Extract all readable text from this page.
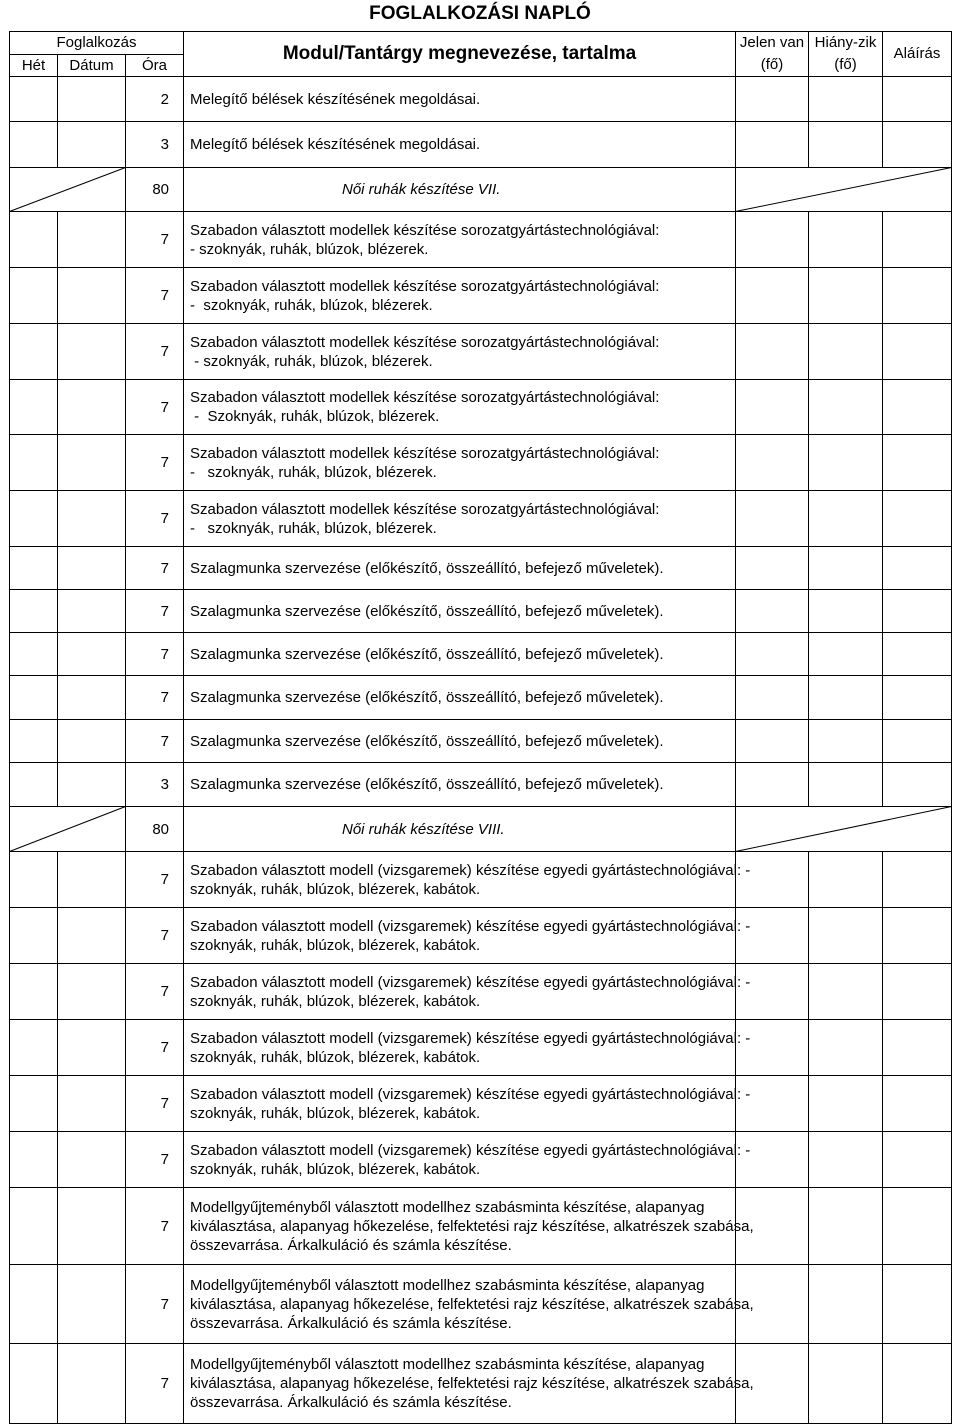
FOGLALKOZÁSI NAPLÓ
Foglalkozás			Modul/Tantárgy megnevezése, tartalma	Jelen van	Hiány-zik	Aláírás
Hét	Dátum	Óra		(fő)	(fő)	
		2	Melegítő bélések készítésének megoldásai.			

		3	Melegítő bélések készítésének megoldásai.			

		80	Női ruhák készítése VII.			

		7	Szabadon választott modellek készítése sorozatgyártástechnológiával:
- szoknyák, ruhák, blúzok, blézerek.			

		7	Szabadon választott modellek készítése sorozatgyártástechnológiával:
-  szoknyák, ruhák, blúzok, blézerek.			

		7	Szabadon választott modellek készítése sorozatgyártástechnológiával:
- szoknyák, ruhák, blúzok, blézerek.			

		7	Szabadon választott modellek készítése sorozatgyártástechnológiával:
-  Szoknyák, ruhák, blúzok, blézerek.			

		7	Szabadon választott modellek készítése sorozatgyártástechnológiával:
-   szoknyák, ruhák, blúzok, blézerek.			

		7	Szabadon választott modellek készítése sorozatgyártástechnológiával:
-   szoknyák, ruhák, blúzok, blézerek.			

		7	Szalagmunka szervezése (előkészítő, összeállító, befejező műveletek).			

		7	Szalagmunka szervezése (előkészítő, összeállító, befejező műveletek).			

		7	Szalagmunka szervezése (előkészítő, összeállító, befejező műveletek).			

		7	Szalagmunka szervezése (előkészítő, összeállító, befejező műveletek).			

		7	Szalagmunka szervezése (előkészítő, összeállító, befejező műveletek).			

		3	Szalagmunka szervezése (előkészítő, összeállító, befejező műveletek).			

		80	Női ruhák készítése VIII.			

		7	Szabadon választott modell (vizsgaremek) készítése egyedi gyártástechnológiával: -
szoknyák, ruhák, blúzok, blézerek, kabátok.			

		7	Szabadon választott modell (vizsgaremek) készítése egyedi gyártástechnológiával: -
szoknyák, ruhák, blúzok, blézerek, kabátok.			

		7	Szabadon választott modell (vizsgaremek) készítése egyedi gyártástechnológiával: -
szoknyák, ruhák, blúzok, blézerek, kabátok.			

		7	Szabadon választott modell (vizsgaremek) készítése egyedi gyártástechnológiával: -
szoknyák, ruhák, blúzok, blézerek, kabátok.			

		7	Szabadon választott modell (vizsgaremek) készítése egyedi gyártástechnológiával: -
szoknyák, ruhák, blúzok, blézerek, kabátok.			

		7	Szabadon választott modell (vizsgaremek) készítése egyedi gyártástechnológiával: -
szoknyák, ruhák, blúzok, blézerek, kabátok.			

		7	Modellgyűjteményből választott modellhez szabásminta készítése, alapanyag
kiválasztása, alapanyag hőkezelése, felfektetési rajz készítése, alkatrészek szabása,
összevarrása. Árkalkuláció és számla készítése.			

		7	Modellgyűjteményből választott modellhez szabásminta készítése, alapanyag
kiválasztása, alapanyag hőkezelése, felfektetési rajz készítése, alkatrészek szabása,
összevarrása. Árkalkuláció és számla készítése.			

		7	Modellgyűjteményből választott modellhez szabásminta készítése, alapanyag
kiválasztása, alapanyag hőkezelése, felfektetési rajz készítése, alkatrészek szabása,
összevarrása. Árkalkuláció és számla készítése.			
